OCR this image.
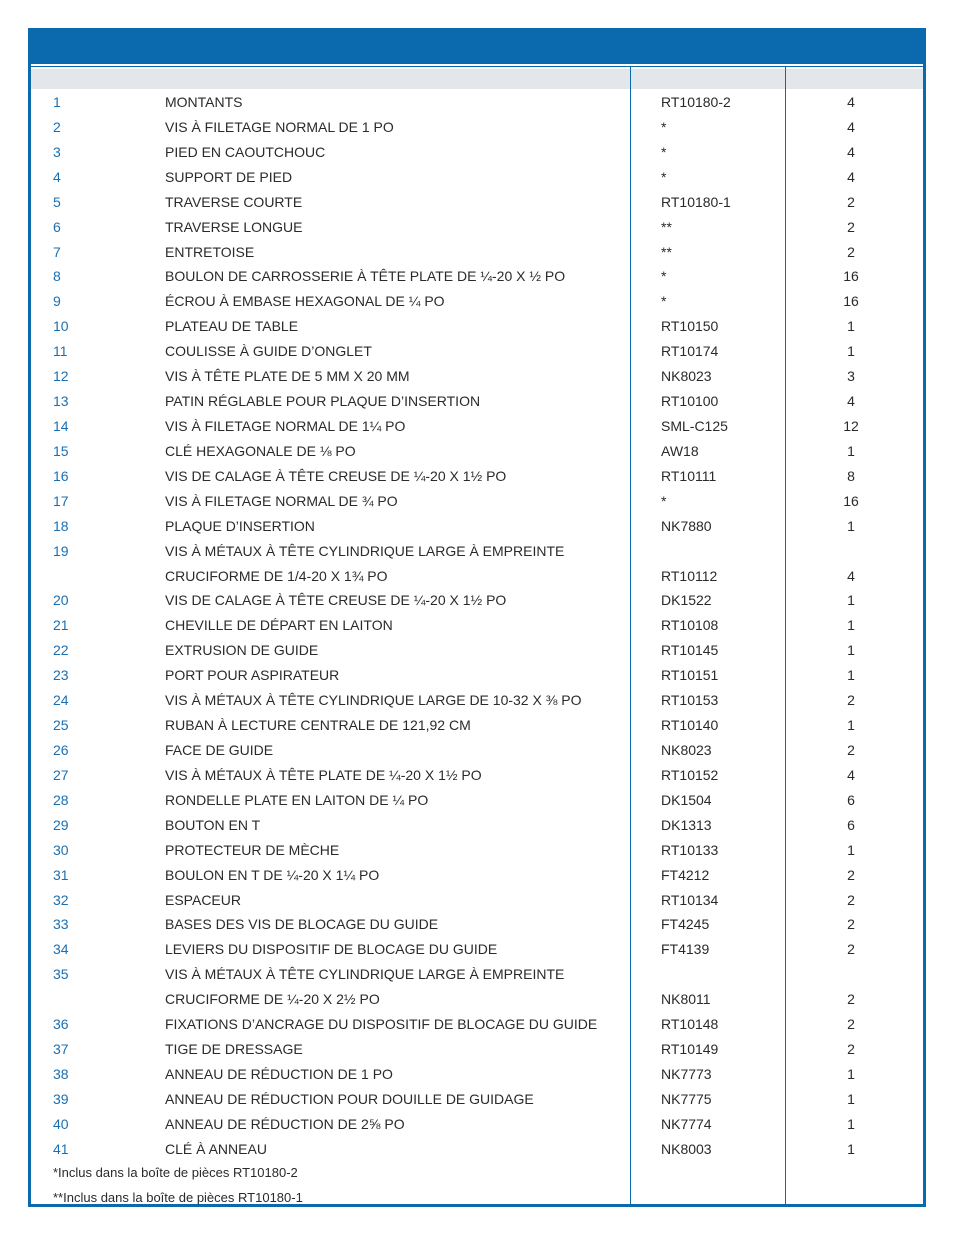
1	MONTANTS	RT10180-2	4
2	VIS À FILETAGE NORMAL DE 1 PO	*	4
3	PIED EN CAOUTCHOUC	*	4
4	SUPPORT DE PIED	*	4
5	TRAVERSE COURTE	RT10180-1	2
6	TRAVERSE LONGUE	**	2
7	ENTRETOISE	**	2
8	BOULON DE CARROSSERIE À TÊTE PLATE DE ¼-20 X ½ PO	*	16
9	ÉCROU À EMBASE HEXAGONAL DE ¼ PO	*	16
10	PLATEAU DE TABLE	RT10150	1
11	COULISSE À GUIDE D’ONGLET	RT10174	1
12	VIS À TÊTE PLATE DE 5 MM X 20 MM	NK8023	3
13	PATIN RÉGLABLE POUR PLAQUE D’INSERTION	RT10100	4
14	VIS À FILETAGE NORMAL DE 1¼ PO	SML-C125	12
15	CLÉ HEXAGONALE DE ⅛ PO	AW18	1
16	VIS DE CALAGE À TÊTE CREUSE DE ¼-20 X 1½ PO	RT10111	8
17	VIS À FILETAGE NORMAL DE ¾ PO	*	16
18	PLAQUE D’INSERTION	NK7880	1
19	VIS À MÉTAUX À TÊTE CYLINDRIQUE LARGE À EMPREINTE
CRUCIFORME DE 1/4-20 X 1¾ PO	RT10112	4
20	VIS DE CALAGE À TÊTE CREUSE DE ¼-20 X 1½ PO	DK1522	1
21	CHEVILLE DE DÉPART EN LAITON	RT10108	1
22	EXTRUSION DE GUIDE	RT10145	1
23	PORT POUR ASPIRATEUR	RT10151	1
24	VIS À MÉTAUX À TÊTE CYLINDRIQUE LARGE DE 10-32 X ⅜ PO	RT10153	2
25	RUBAN À LECTURE CENTRALE DE 121,92 CM	RT10140	1
26	FACE DE GUIDE	NK8023	2
27	VIS À MÉTAUX À TÊTE PLATE DE ¼-20 X 1½ PO	RT10152	4
28	RONDELLE PLATE EN LAITON DE ¼ PO	DK1504	6
29	BOUTON EN T	DK1313	6
30	PROTECTEUR DE MÈCHE	RT10133	1
31	BOULON EN T DE ¼-20 X 1¼ PO	FT4212	2
32	ESPACEUR	RT10134	2
33	BASES DES VIS DE BLOCAGE DU GUIDE	FT4245	2
34	LEVIERS DU DISPOSITIF DE BLOCAGE DU GUIDE	FT4139	2
35	VIS À MÉTAUX À TÊTE CYLINDRIQUE LARGE À EMPREINTE
CRUCIFORME DE ¼-20 X 2½ PO	NK8011	2
36	FIXATIONS D’ANCRAGE DU DISPOSITIF DE BLOCAGE DU GUIDE	RT10148	2
37	TIGE DE DRESSAGE	RT10149	2
38	ANNEAU DE RÉDUCTION DE 1 PO	NK7773	1
39	ANNEAU DE RÉDUCTION POUR DOUILLE DE GUIDAGE	NK7775	1
40	ANNEAU DE RÉDUCTION DE 2⅝ PO	NK7774	1
41	CLÉ À ANNEAU	NK8003	1
*Inclus dans la boîte de pièces RT10180-2
**Inclus dans la boîte de pièces RT10180-1
